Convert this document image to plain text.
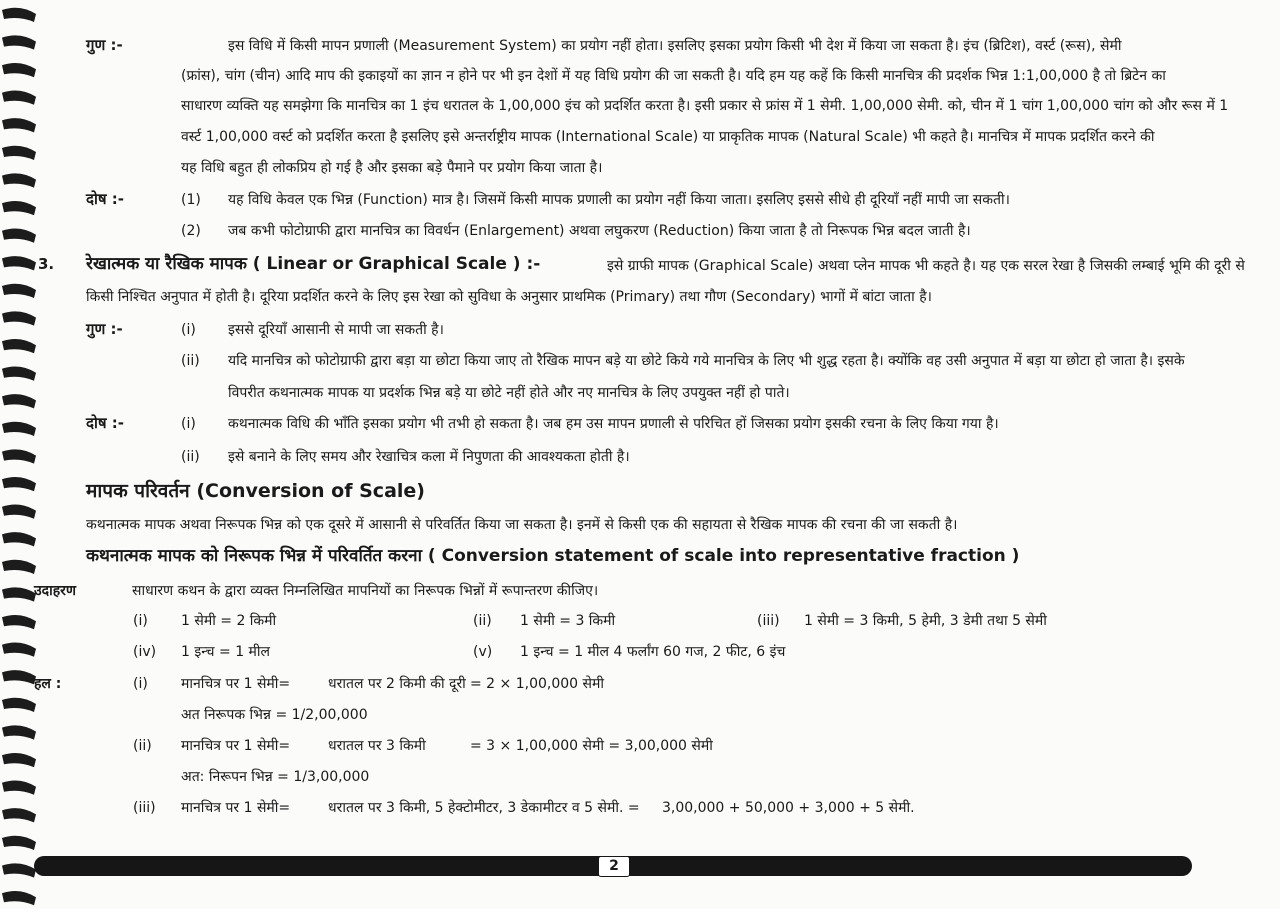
गुण :-	इस विधि में किसी मापन प्रणाली (Measurement System) का प्रयोग नहीं होता। इसलिए इसका प्रयोग किसी भी देश में किया जा सकता है। इंच (ब्रिटिश), वर्स्ट (रूस), सेमी
(फ्रांस), चांग (चीन) आदि माप की इकाइयों का ज्ञान न होने पर भी इन देशों में यह विधि प्रयोग की जा सकती है। यदि हम यह कहें कि किसी मानचित्र की प्रदर्शक भिन्न 1:1,00,000 है तो ब्रिटेन का
साधारण व्यक्ति यह समझेगा कि मानचित्र का 1 इंच धरातल के 1,00,000 इंच को प्रदर्शित करता है। इसी प्रकार से फ्रांस में 1 सेमी. 1,00,000 सेमी. को, चीन में 1 चांग 1,00,000 चांग को और रूस में 1
वर्स्ट 1,00,000 वर्स्ट को प्रदर्शित करता है इसलिए इसे अन्तर्राष्ट्रीय मापक (International Scale) या प्राकृतिक मापक (Natural Scale) भी कहते है। मानचित्र में मापक प्रदर्शित करने की
यह विधि बहुत ही लोकप्रिय हो गई है और इसका बड़े पैमाने पर प्रयोग किया जाता है।
दोष :-	(1) यह विधि केवल एक भिन्न (Function) मात्र है। जिसमें किसी मापक प्रणाली का प्रयोग नहीं किया जाता। इसलिए इससे सीधे ही दूरियाँ नहीं मापी जा सकती।
(2) जब कभी फोटोग्राफी द्वारा मानचित्र का विवर्धन (Enlargement) अथवा लघुकरण (Reduction) किया जाता है तो निरूपक भिन्न बदल जाती है।
3. रेखात्मक या रैखिक मापक ( Linear or Graphical Scale ) :-	इसे ग्राफी मापक (Graphical Scale) अथवा प्लेन मापक भी कहते है। यह एक सरल रेखा है जिसकी लम्बाई भूमि की दूरी से
किसी निश्चित अनुपात में होती है। दूरिया प्रदर्शित करने के लिए इस रेखा को सुविधा के अनुसार प्राथमिक (Primary) तथा गौण (Secondary) भागों में बांटा जाता है।
गुण :-	(i) इससे दूरियाँ आसानी से मापी जा सकती है।
(ii) यदि मानचित्र को फोटोग्राफी द्वारा बड़ा या छोटा किया जाए तो रैखिक मापन बड़े या छोटे किये गये मानचित्र के लिए भी शुद्ध रहता है। क्योंकि वह उसी अनुपात में बड़ा या छोटा हो जाता है। इसके
विपरीत कथनात्मक मापक या प्रदर्शक भिन्न बड़े या छोटे नहीं होते और नए मानचित्र के लिए उपयुक्त नहीं हो पाते।
दोष :-	(i) कथनात्मक विधि की भाँति इसका प्रयोग भी तभी हो सकता है। जब हम उस मापन प्रणाली से परिचित हों जिसका प्रयोग इसकी रचना के लिए किया गया है।
(ii) इसे बनाने के लिए समय और रेखाचित्र कला में निपुणता की आवश्यकता होती है।
मापक परिवर्तन (Conversion of Scale)
कथनात्मक मापक अथवा निरूपक भिन्न को एक दूसरे में आसानी से परिवर्तित किया जा सकता है। इनमें से किसी एक की सहायता से रैखिक मापक की रचना की जा सकती है।
कथनात्मक मापक को निरूपक भिन्न में परिवर्तित करना ( Conversion statement of scale into representative fraction )
उदाहरण	साधारण कथन के द्वारा व्यक्त निम्नलिखित मापनियों का निरूपक भिन्नों में रूपान्तरण कीजिए।
(i) 1 सेमी = 2 किमी	(ii) 1 सेमी = 3 किमी	(iii) 1 सेमी = 3 किमी, 5 हेमी, 3 डेमी तथा 5 सेमी
(iv) 1 इन्च = 1 मील	(v) 1 इन्च = 1 मील 4 फर्लांग 60 गज, 2 फीट, 6 इंच
हल :	(i) मानचित्र पर 1 सेमी=	धरातल पर 2 किमी की दूरी = 2 × 1,00,000 सेमी
अत निरूपक भिन्न = 1/2,00,000
(ii) मानचित्र पर 1 सेमी=	धरातल पर 3 किमी	= 3 × 1,00,000 सेमी = 3,00,000 सेमी
अत: निरूपन भिन्न = 1/3,00,000
(iii) मानचित्र पर 1 सेमी=	धरातल पर 3 किमी, 5 हेक्टोमीटर, 3 डेकामीटर व 5 सेमी. = 3,00,000 + 50,000 + 3,000 + 5 सेमी.
2
